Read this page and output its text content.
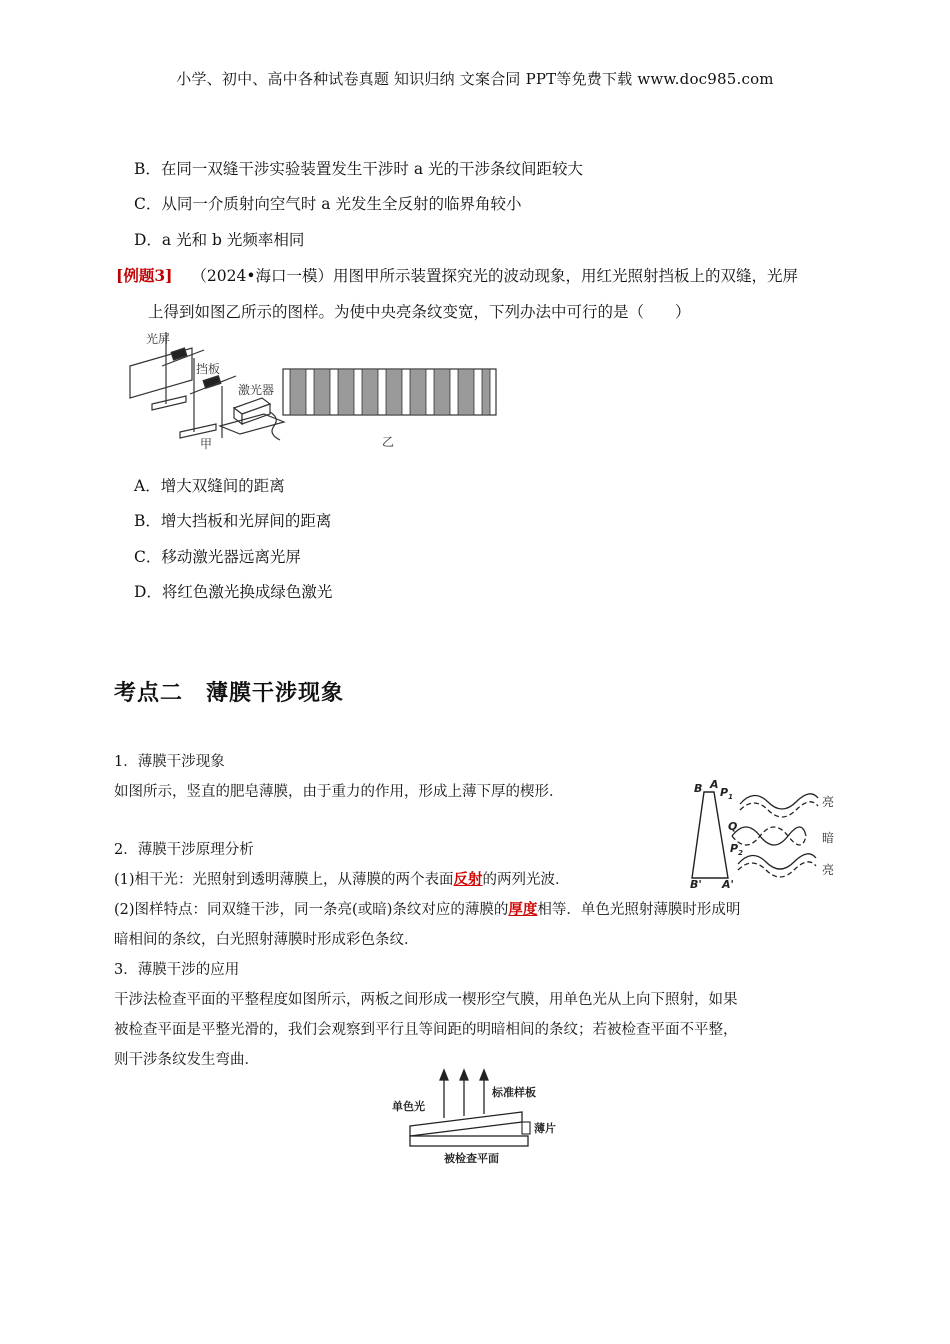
小学、初中、高中各种试卷真题 知识归纳 文案合同 PPT等免费下载 www.doc985.com
B．在同一双缝干涉实验装置发生干涉时 a 光的干涉条纹间距较大
C．从同一介质射向空气时 a 光发生全反射的临界角较小
D．a 光和 b 光频率相同
[例题3] （2024•海口一模）用图甲所示装置探究光的波动现象，用红光照射挡板上的双缝，光屏
上得到如图乙所示的图样。为使中央亮条纹变宽，下列办法中可行的是（　　）
光屏
挡板
激光器
甲	乙
A．增大双缝间的距离
B．增大挡板和光屏间的距离
C．移动激光器远离光屏
D．将红色激光换成绿色激光
考点二　薄膜干涉现象
1．薄膜干涉现象
如图所示，竖直的肥皂薄膜，由于重力的作用，形成上薄下厚的楔形．
2．薄膜干涉原理分析
(1)相干光：光照射到透明薄膜上，从薄膜的两个表面反射的两列光波．
(2)图样特点：同双缝干涉，同一条亮(或暗)条纹对应的薄膜的厚度相等．单色光照射薄膜时形成明
暗相间的条纹，白光照射薄膜时形成彩色条纹．
3．薄膜干涉的应用
干涉法检查平面的平整程度如图所示，两板之间形成一楔形空气膜，用单色光从上向下照射，如果
被检查平面是平整光滑的，我们会观察到平行且等间距的明暗相间的条纹；若被检查平面不平整，
则干涉条纹发生弯曲．
B A
$P_1$
Q
$P_2$
B' A'
亮
暗
亮
单色光
标准样板
薄片
被检查平面
